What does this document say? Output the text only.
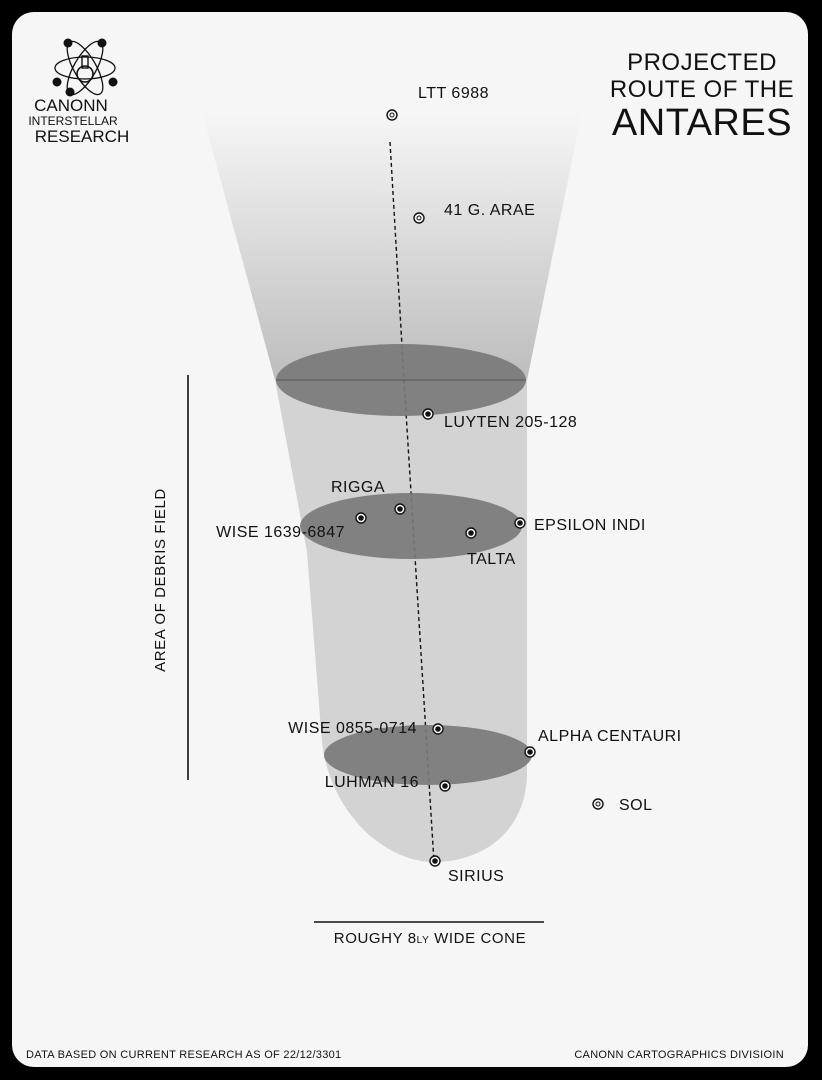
CANONN
INTERSTELLAR
RESEARCH
PROJECTED
ROUTE OF THE
ANTARES
LTT 6988
41 G. ARAE
LUYTEN 205-128
RIGGA
WISE 1639-6847	EPSILON INDI
TALTA
WISE 0855-0714	ALPHA CENTAURI
LUHMAN 16
SOL
SIRIUS
AREA OF DEBRIS FIELD
ROUGHY 8LY WIDE CONE
DATA BASED ON CURRENT RESEARCH AS OF 22/12/3301	CANONN CARTOGRAPHICS DIVISIOIN
